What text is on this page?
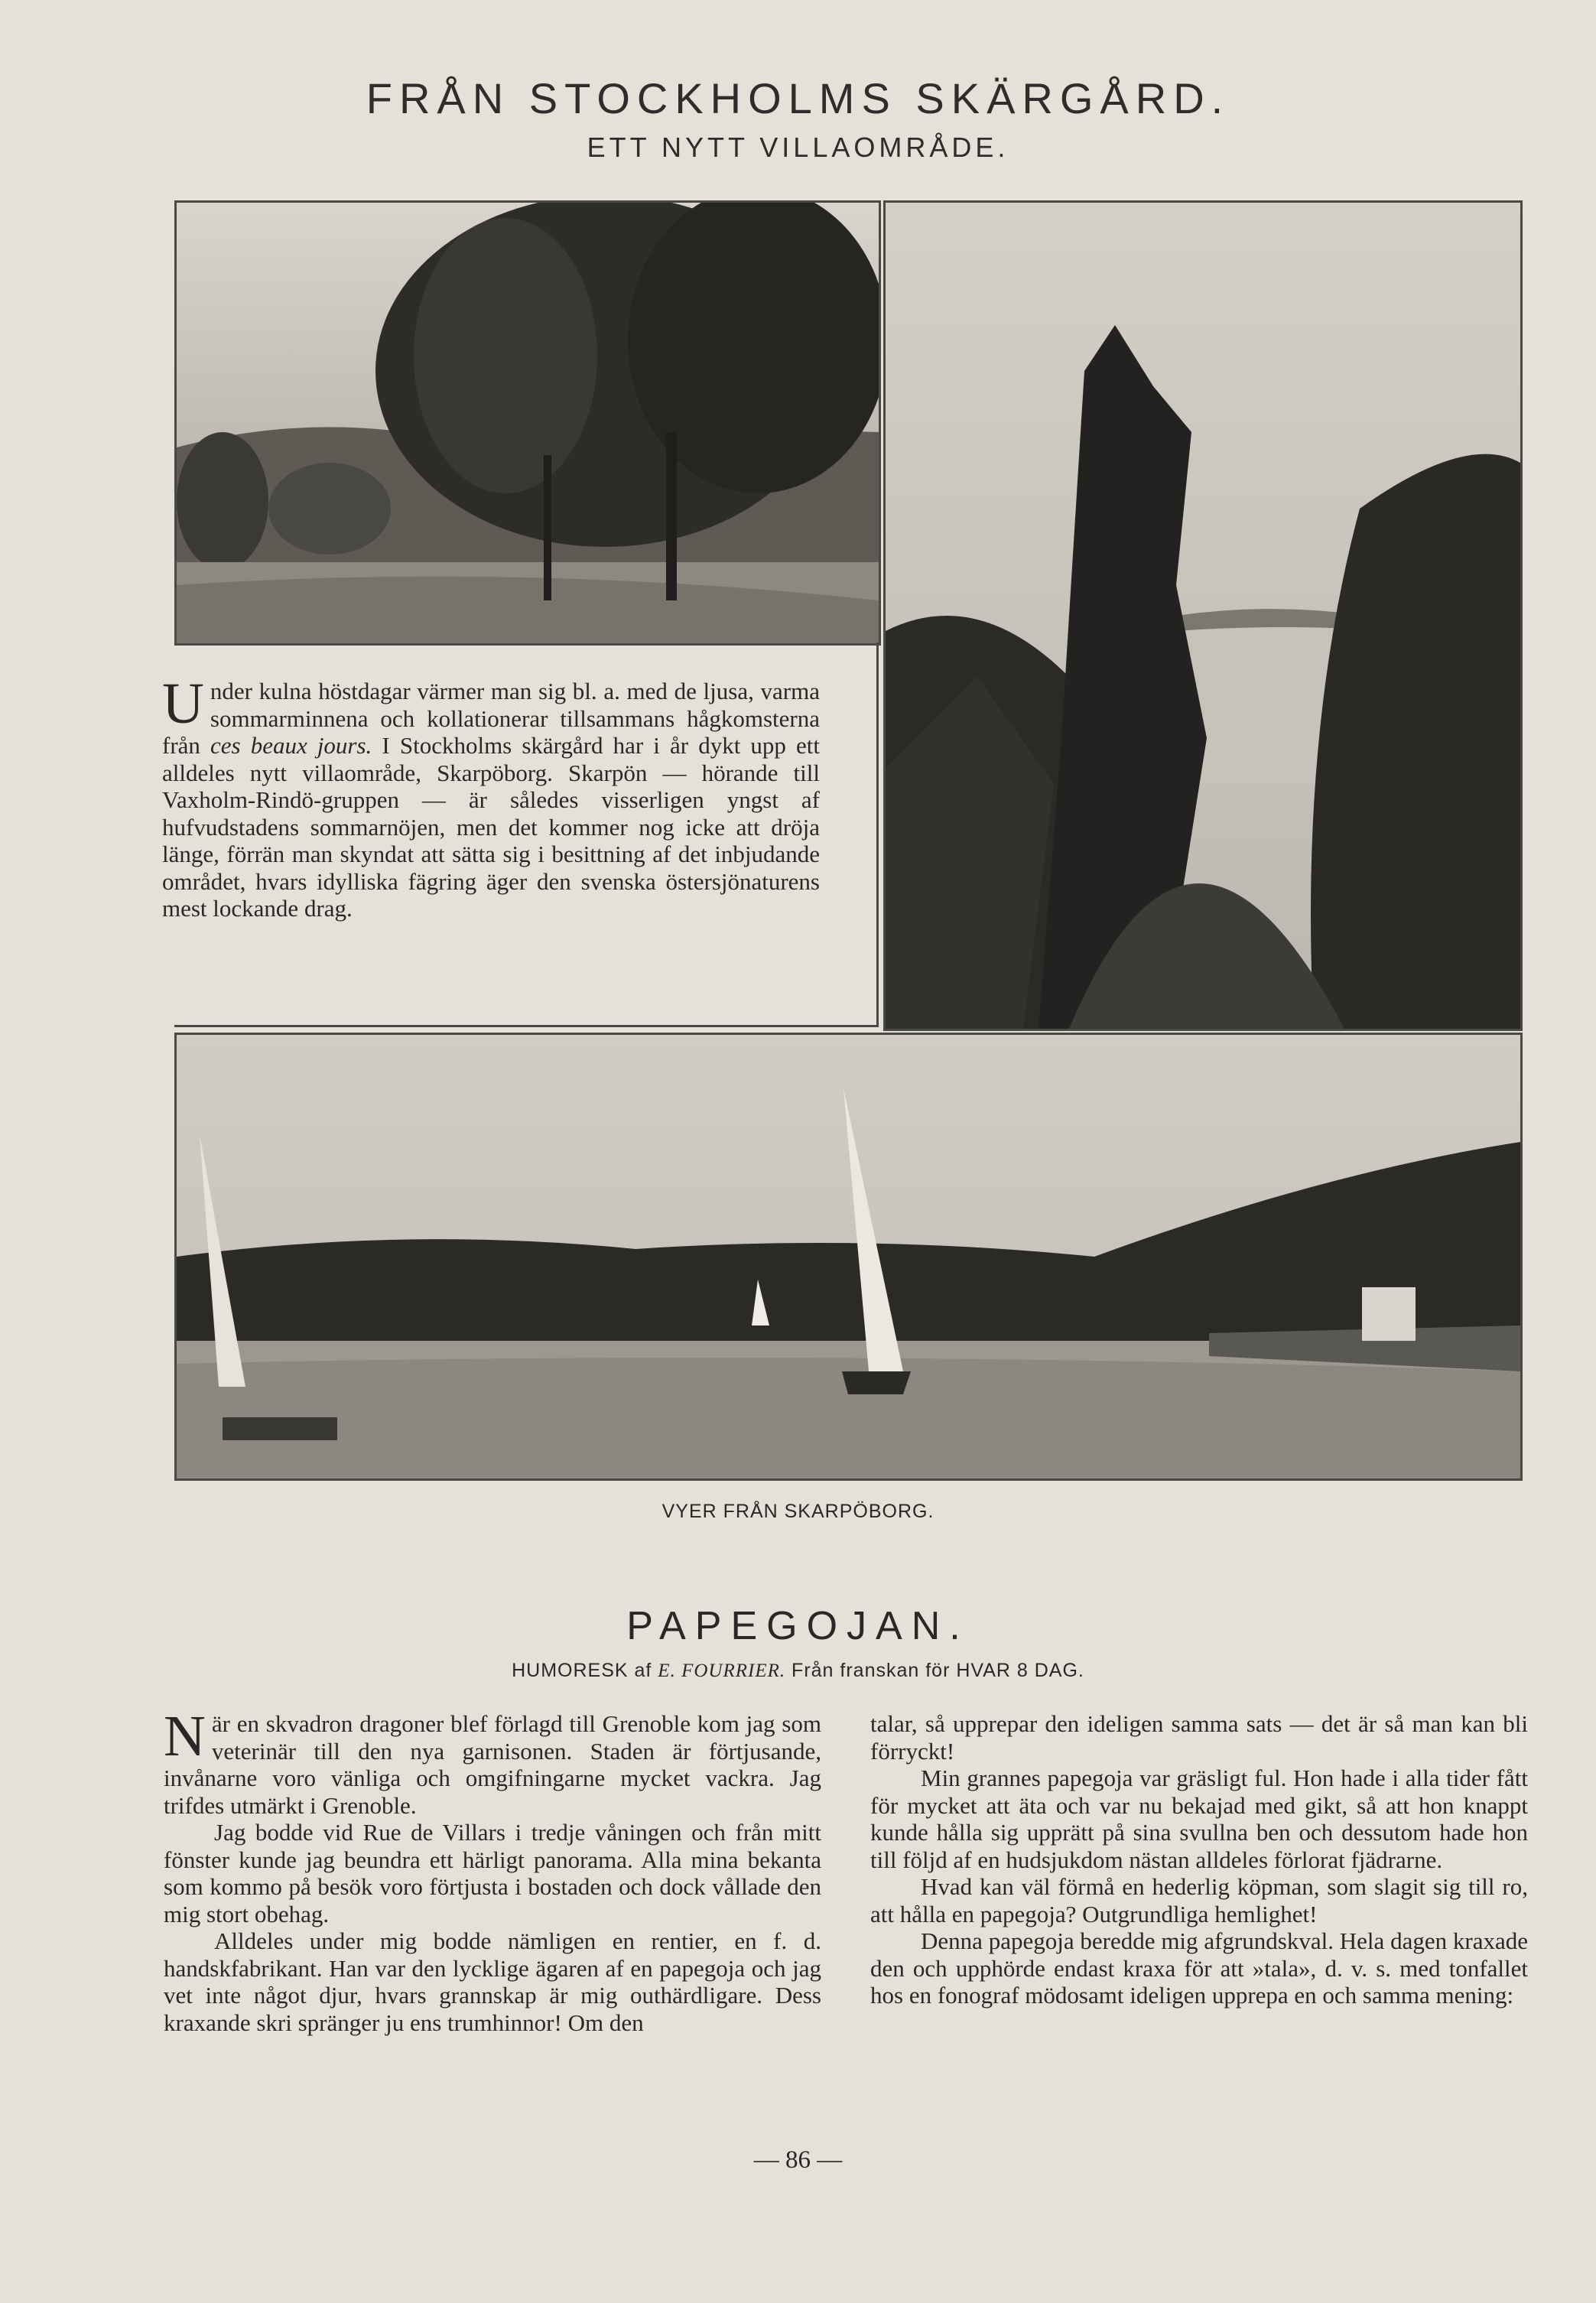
FRÅN STOCKHOLMS SKÄRGÅRD.
ETT NYTT VILLAOMRÅDE.
Under kulna höstdagar värmer man sig bl. a. med de ljusa, varma sommarminnena och kollationerar tillsammans hågkomsterna från ces beaux jours. I Stockholms skärgård har i år dykt upp ett alldeles nytt villaområde, Skarpöborg. Skarpön — hörande till Vaxholm-Rindö-gruppen — är således visserligen yngst af hufvudstadens sommarnöjen, men det kommer nog icke att dröja länge, förrän man skyndat att sätta sig i besittning af det inbjudande området, hvars idylliska fägring äger den svenska östersjönaturens mest lockande drag.
VYER FRÅN SKARPÖBORG.
PAPEGOJAN.
HUMORESK af E. FOURRIER. Från franskan för HVAR 8 DAG.

När en skvadron dragoner blef förlagd till Grenoble kom jag som veterinär till den nya garnisonen. Staden är förtjusande, invånarne voro vänliga och omgifningarne mycket vackra. Jag trifdes utmärkt i Grenoble.

Jag bodde vid Rue de Villars i tredje våningen och från mitt fönster kunde jag beundra ett härligt panorama. Alla mina bekanta som kommo på besök voro förtjusta i bostaden och dock vållade den mig stort obehag.

Alldeles under mig bodde nämligen en rentier, en f. d. handskfabrikant. Han var den lycklige ägaren af en papegoja och jag vet inte något djur, hvars grannskap är mig outhärdligare. Dess kraxande skri spränger ju ens trumhinnor! Om den

talar, så upprepar den ideligen samma sats — det är så man kan bli förryckt!

Min grannes papegoja var gräsligt ful. Hon hade i alla tider fått för mycket att äta och var nu bekajad med gikt, så att hon knappt kunde hålla sig upprätt på sina svullna ben och dessutom hade hon till följd af en hudsjukdom nästan alldeles förlorat fjädrarne.

Hvad kan väl förmå en hederlig köpman, som slagit sig till ro, att hålla en papegoja? Outgrundliga hemlighet!

Denna papegoja beredde mig afgrundskval. Hela dagen kraxade den och upphörde endast kraxa för att »tala», d. v. s. med tonfallet hos en fonograf mödosamt ideligen upprepa en och samma mening:

— 86 —
